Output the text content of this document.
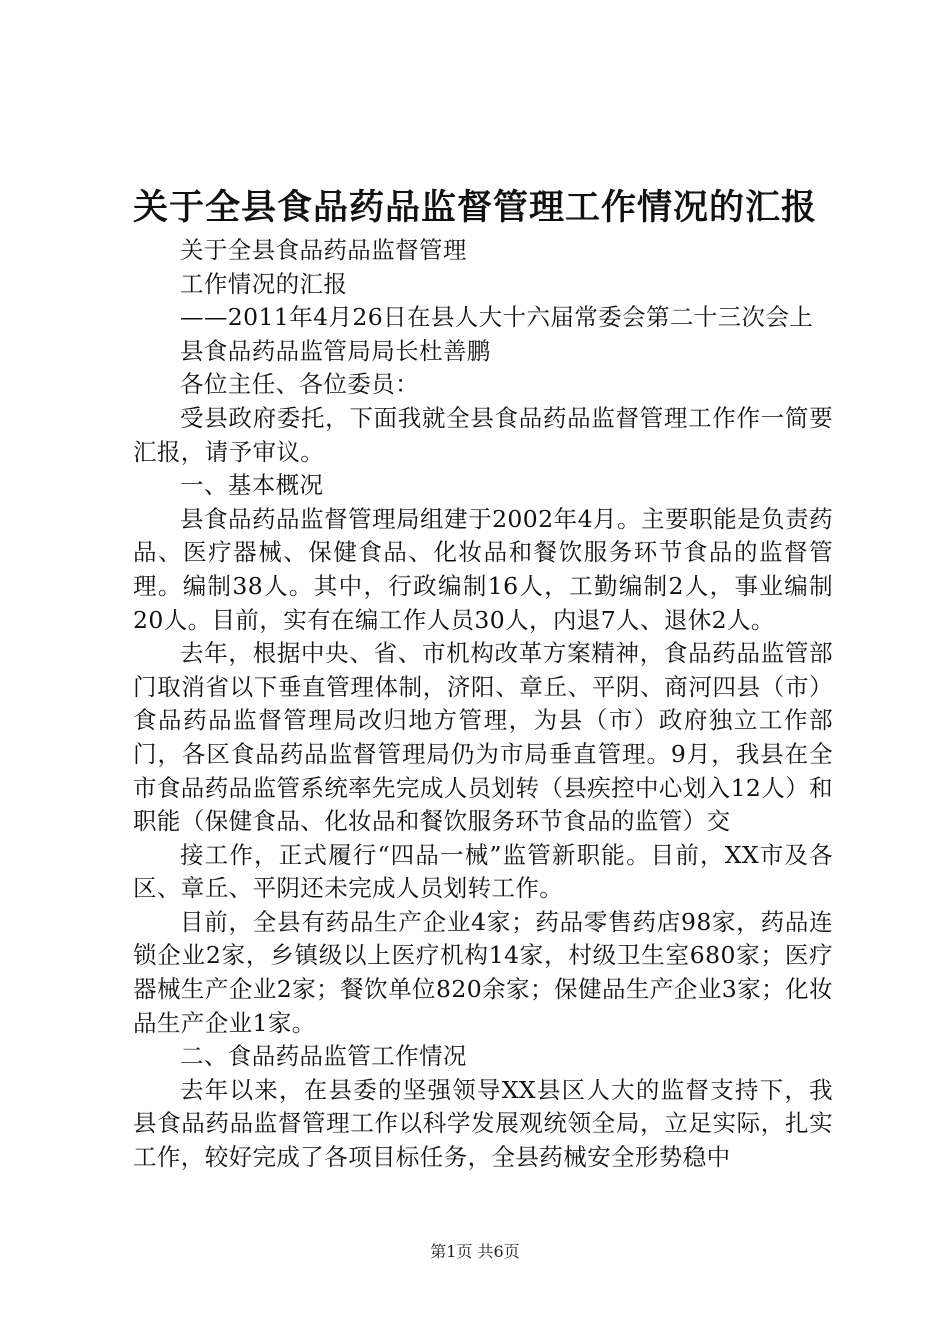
关于全县食品药品监督管理工作情况的汇报

关于全县食品药品监督管理

工作情况的汇报

——2011年4月26日在县人大十六届常委会第二十三次会上

县食品药品监管局局长杜善鹏

各位主任、各位委员：

受县政府委托，下面我就全县食品药品监督管理工作作一简要汇报，请予审议。

一、基本概况

县食品药品监督管理局组建于2002年4月。主要职能是负责药品、医疗器械、保健食品、化妆品和餐饮服务环节食品的监督管理。编制38人。其中，行政编制16人，工勤编制2人，事业编制20人。目前，实有在编工作人员30人，内退7人、退休2人。

去年，根据中央、省、市机构改革方案精神，食品药品监管部门取消省以下垂直管理体制，济阳、章丘、平阴、商河四县（市）食品药品监督管理局改归地方管理，为县（市）政府独立工作部门，各区食品药品监督管理局仍为市局垂直管理。9月，我县在全市食品药品监管系统率先完成人员划转（县疾控中心划入12人）和职能（保健食品、化妆品和餐饮服务环节食品的监管）交

接工作，正式履行“四品一械”监管新职能。目前，XX市及各区、章丘、平阴还未完成人员划转工作。

目前，全县有药品生产企业4家；药品零售药店98家，药品连锁企业2家，乡镇级以上医疗机构14家，村级卫生室680家；医疗器械生产企业2家；餐饮单位820余家；保健品生产企业3家；化妆品生产企业1家。

二、食品药品监管工作情况

去年以来，在县委的坚强领导XX县区人大的监督支持下，我县食品药品监督管理工作以科学发展观统领全局，立足实际，扎实工作，较好完成了各项目标任务，全县药械安全形势稳中

第1页 共6页
